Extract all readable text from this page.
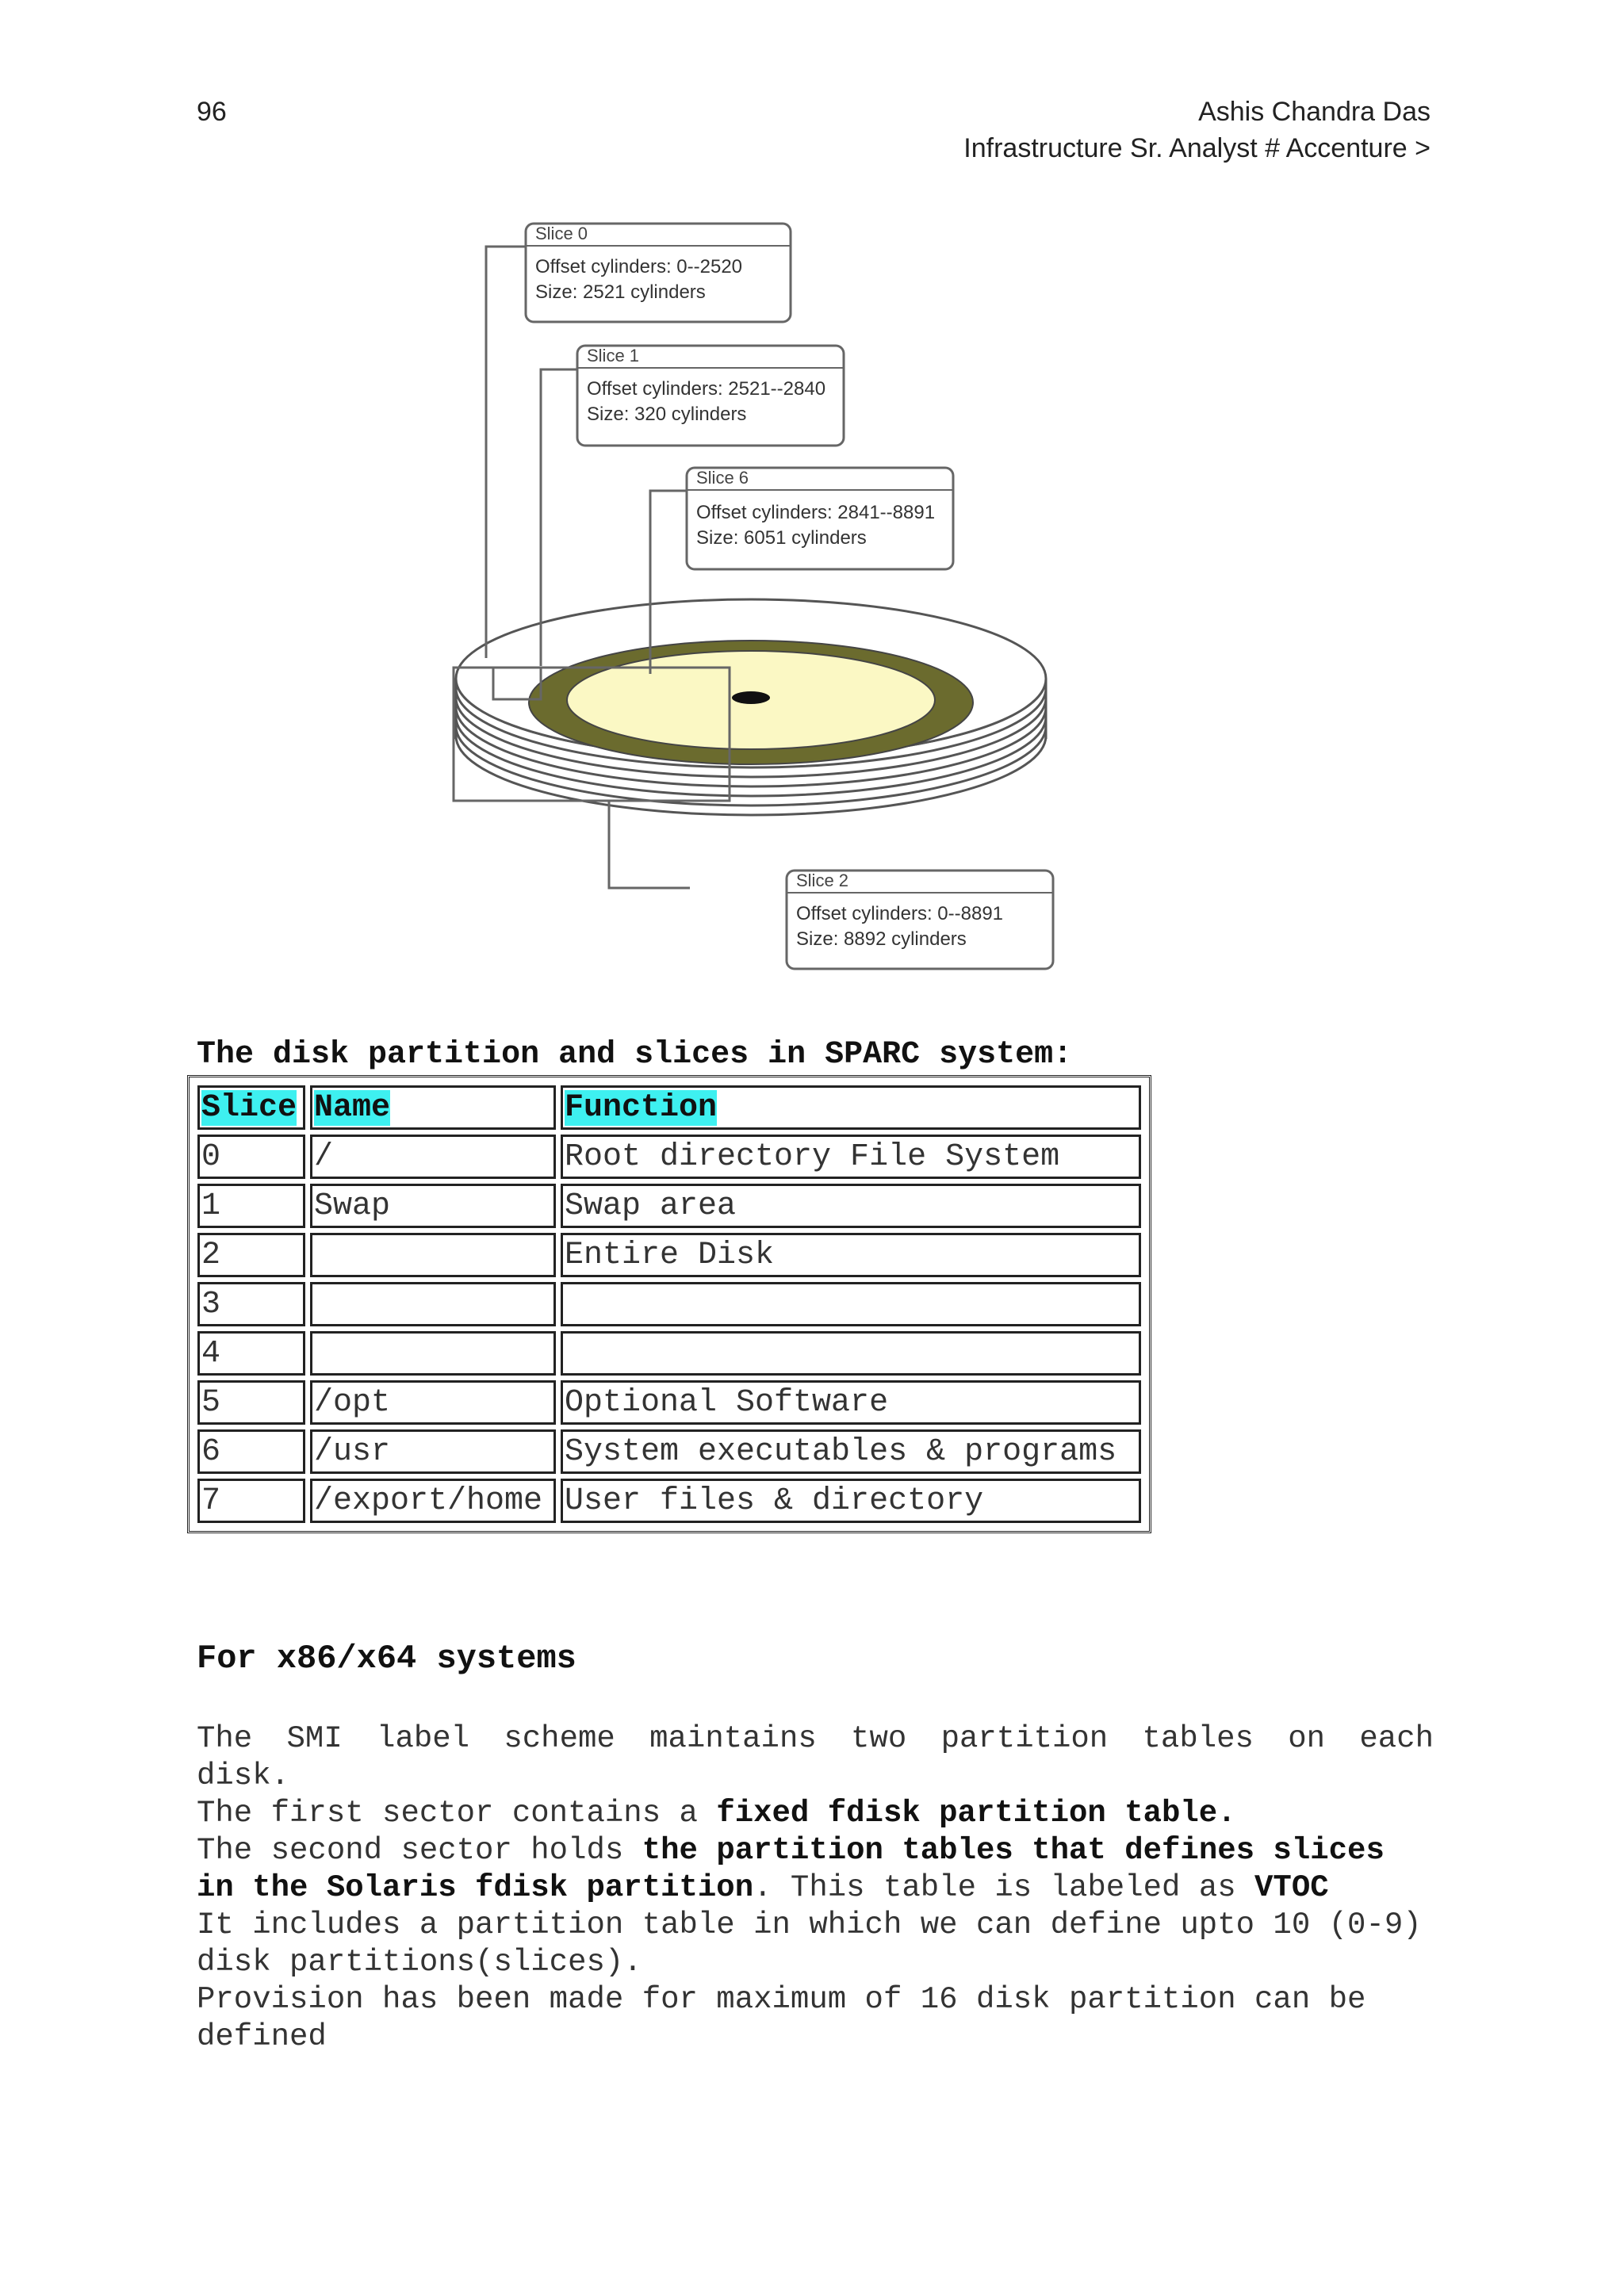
96	Ashis Chandra Das
Infrastructure Sr. Analyst # Accenture >
Slice 0
Offset cylinders: 0--2520
Size: 2521 cylinders
Slice 1
Offset cylinders: 2521--2840
Size: 320 cylinders
Slice 6
Offset cylinders: 2841--8891
Size: 6051 cylinders
Slice 2
Offset cylinders: 0--8891
Size: 8892 cylinders
The disk partition and slices in SPARC system:
Slice	Name	Function
0	/	Root directory File System
1	Swap	Swap area
2		Entire Disk
3		
4		
5	/opt	Optional Software
6	/usr	System executables & programs
7	/export/home	User files & directory
For x86/x64 systems

The SMI label scheme maintains two partition tables on each

disk.

The first sector contains a fixed fdisk partition table.

The second sector holds the partition tables that defines slices in the Solaris fdisk partition. This table is labeled as VTOC

It includes a partition table in which we can define upto 10 (0-9) disk partitions(slices).

Provision has been made for maximum of 16 disk partition can be defined
